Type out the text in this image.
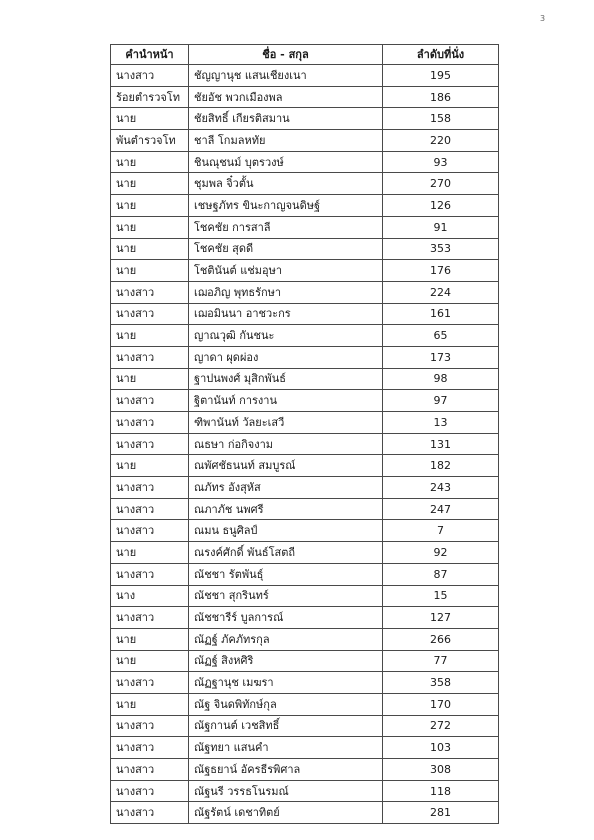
3
คำนำหน้า	ชื่อ - สกุล	ลำดับที่นั่ง
นางสาว	ชัญญานุช แสนเชียงเนา	195
ร้อยตำรวจโท	ชัยอัช พวกเมืองพล	186
นาย	ชัยสิทธิ์ เกียรติสมาน	158
พันตำรวจโท	ชาลี โกมลหทัย	220
นาย	ชินณุชนม์ บุตรวงษ์	93
นาย	ชุมพล จิ๋วตั้น	270
นาย	เชษฐภัทร ขินะกาญจนดิษฐ์	126
นาย	โชคชัย การสาลี	91
นาย	โชคชัย สุดดี	353
นาย	โชตินันต์ แช่มอุษา	176
นางสาว	เฌอภิญ พุทธรักษา	224
นางสาว	เฌอมินนา อาชวะกร	161
นาย	ญาณวุฒิ กันชนะ	65
นางสาว	ญาดา ผุดผ่อง	173
นาย	ฐาปนพงศ์ มุสิกพันธ์	98
นางสาว	ฐิตานันท์ การงาน	97
นางสาว	ฑิพานันท์ วัลยะเสวี	13
นางสาว	ณธษา ก่อกิจงาม	131
นาย	ณพัศชัธนนท์ สมบูรณ์	182
นางสาว	ณภัทร อังสุหัส	243
นางสาว	ณภาภัช นพศรี	247
นางสาว	ณมน ธนูศิลป์	7
นาย	ณรงค์ศักดิ์ พันธ์โสตถี	92
นางสาว	ณัชชา รัตพันธุ์	87
นาง	ณัชชา สุกรินทร์	15
นางสาว	ณัชชารีร์ บูลการณ์	127
นาย	ณัฏฐ์ ภัคภัทรกุล	266
นาย	ณัฏฐ์ สิงหศิริ	77
นางสาว	ณัฏฐานุช เมฆรา	358
นาย	ณัฐ จินดพิทักษ์กุล	170
นางสาว	ณัฐกานต์ เวชสิทธิ์	272
นางสาว	ณัฐทยา แสนคำ	103
นางสาว	ณัฐธยาน์ อัครธีรพิศาล	308
นางสาว	ณัฐนรี วรรธโนรมณ์	118
นางสาว	ณัฐรัตน์ เดชาทิตย์	281
